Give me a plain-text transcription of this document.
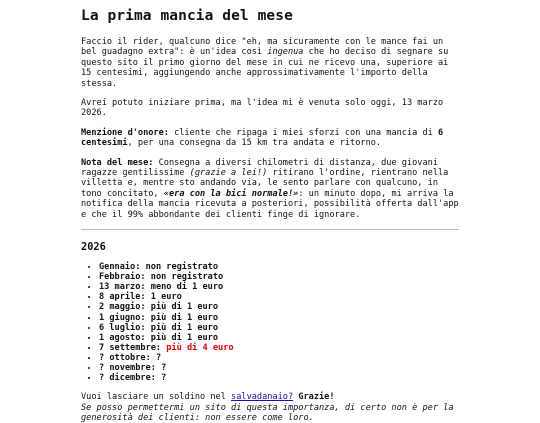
La prima mancia del mese

Faccio il rider, qualcuno dice "eh, ma sicuramente con le mance fai un bel guadagno extra": è un'idea così ingenua che ho deciso di segnare su questo sito il primo giorno del mese in cui ne ricevo una, superiore ai 15 centesimi, aggiungendo anche approssimativamente l'importo della stessa.

Avrei potuto iniziare prima, ma l'idea mi è venuta solo oggi, 13 marzo 2026.

Menzione d'onore: cliente che ripaga i miei sforzi con una mancia di 6 centesimi, per una consegna da 15 km tra andata e ritorno.

Nota del mese: Consegna a diversi chilometri di distanza, due giovani ragazze gentilissime (grazie a lei!) ritirano l'ordine, rientrano nella villetta e, mentre sto andando via, le sento parlare con qualcuno, in tono concitato, «era con la bici normale!»: un minuto dopo, mi arriva la notifica della mancia ricevuta a posteriori, possibilità offerta dall'app e che il 99% abbondante dei clienti finge di ignorare.

2026
• Gennaio: non registrato
• Febbraio: non registrato
• 13 marzo: meno di 1 euro
• 8 aprile: 1 euro
• 2 maggio: più di 1 euro
• 1 giugno: più di 1 euro
• 6 luglio: più di 1 euro
• 1 agosto: più di 1 euro
• 7 settembre: più di 4 euro
• ? ottobre: ?
• ? novembre: ?
• ? dicembre: ?

Vuoi lasciare un soldino nel salvadanaio? Grazie!

Se posso permettermi un sito di questa importanza, di certo non è per la generosità dei clienti: non essere come loro.
